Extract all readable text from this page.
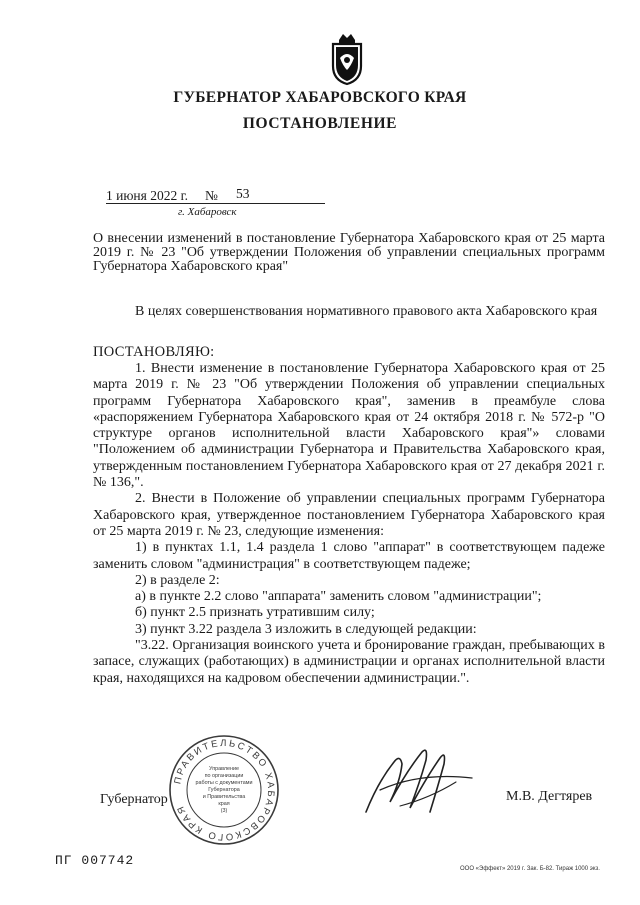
ГУБЕРНАТОР ХАБАРОВСКОГО КРАЯ
ПОСТАНОВЛЕНИЕ
1 июня 2022 г. № 53
г. Хабаровск
О внесении изменений в постановление Губернатора Хабаровского края от 25 марта 2019 г. № 23 "Об утверждении Положения об управлении специальных программ Губернатора Хабаровского края"

В целях совершенствования нормативного правового акта Хабаровского края

ПОСТАНОВЛЯЮ:

1. Внести изменение в постановление Губернатора Хабаровского края от 25 марта 2019 г. № 23 "Об утверждении Положения об управлении специальных программ Губернатора Хабаровского края", заменив в преамбуле слова «распоряжением Губернатора Хабаровского края от 24 октября 2018 г. № 572-р "О структуре органов исполнительной власти Хабаровского края"» словами "Положением об администрации Губернатора и Правительства Хабаровского края, утвержденным постановлением Губернатора Хабаровского края от 27 декабря 2021 г. № 136,".

2. Внести в Положение об управлении специальных программ Губернатора Хабаровского края, утвержденное постановлением Губернатора Хабаровского края от 25 марта 2019 г. № 23, следующие изменения:

1) в пунктах 1.1, 1.4 раздела 1 слово "аппарат" в соответствующем падеже заменить словом "администрация" в соответствующем падеже;

2) в разделе 2:

а) в пункте 2.2 слово "аппарата" заменить словом "администрации";

б) пункт 2.5 признать утратившим силу;

3) пункт 3.22 раздела 3 изложить в следующей редакции:

"3.22. Организация воинского учета и бронирование граждан, пребывающих в запасе, служащих (работающих) в администрации и органах исполнительной власти края, находящихся на кадровом обеспечении администрации.".

ПРАВИТЕЛЬСТВО ХАБАРОВСКОГО КРАЯ
Управление
по организации
работы с документами
Губернатора
и Правительства
края
(3)
Губернатор	М.В. Дегтярев
ПГ 007742
ООО «Эффект» 2019 г. Зак. Б-82. Тираж 1000 экз.
